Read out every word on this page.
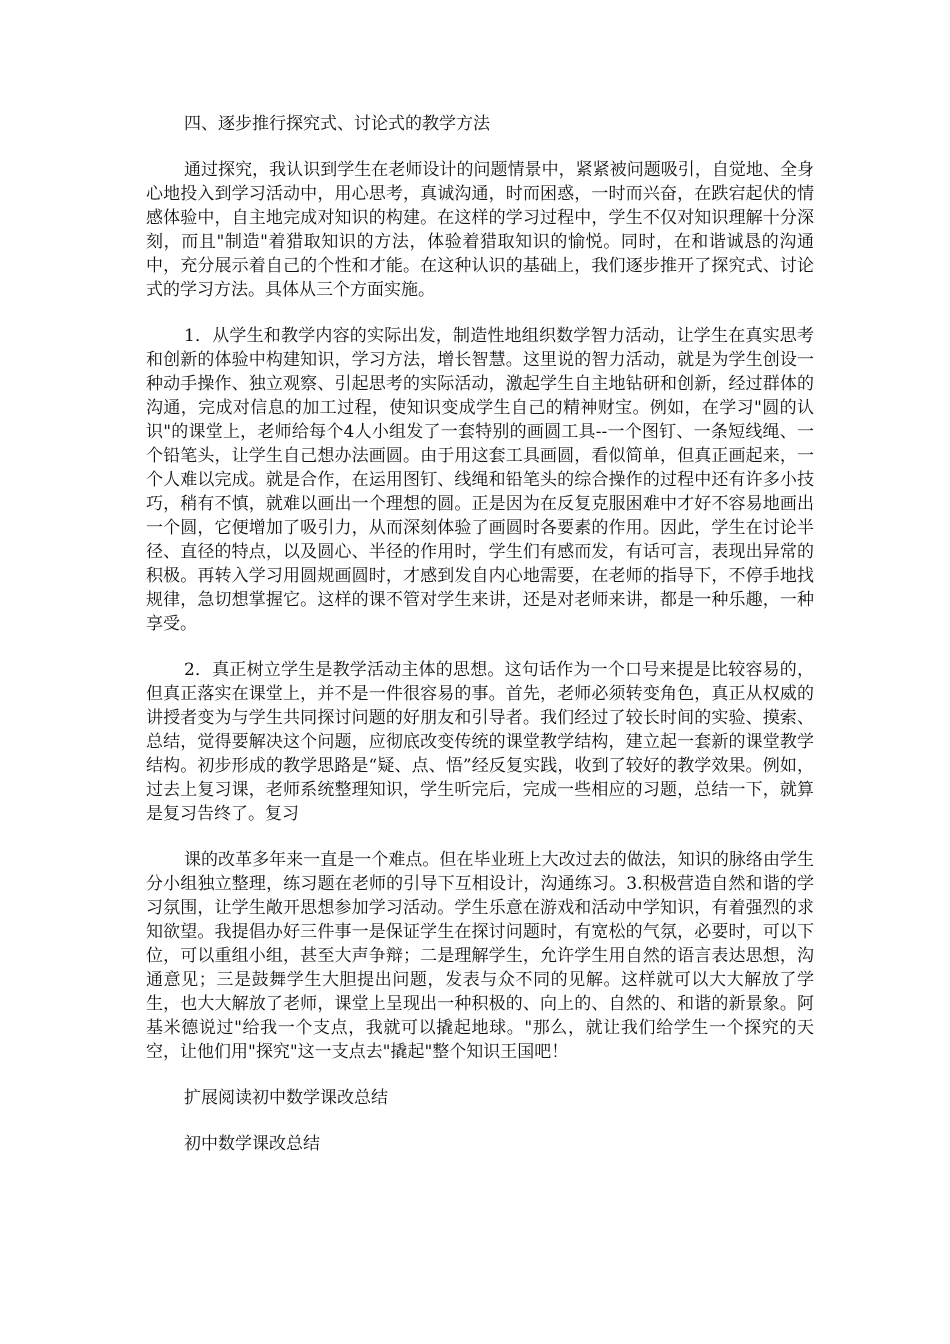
四、逐步推行探究式、讨论式的教学方法

通过探究，我认识到学生在老师设计的问题情景中，紧紧被问题吸引，自觉地、全身心地投入到学习活动中，用心思考，真诚沟通，时而困惑，一时而兴奋，在跌宕起伏的情感体验中，自主地完成对知识的构建。在这样的学习过程中，学生不仅对知识理解十分深刻，而且"制造"着猎取知识的方法，体验着猎取知识的愉悦。同时，在和谐诚恳的沟通中，充分展示着自己的个性和才能。在这种认识的基础上，我们逐步推开了探究式、讨论式的学习方法。具体从三个方面实施。

1．从学生和教学内容的实际出发，制造性地组织数学智力活动，让学生在真实思考和创新的体验中构建知识，学习方法，增长智慧。这里说的智力活动，就是为学生创设一种动手操作、独立观察、引起思考的实际活动，激起学生自主地钻研和创新，经过群体的沟通，完成对信息的加工过程，使知识变成学生自己的精神财宝。例如，在学习"圆的认识"的课堂上，老师给每个4人小组发了一套特别的画圆工具--一个图钉、一条短线绳、一个铅笔头，让学生自己想办法画圆。由于用这套工具画圆，看似简单，但真正画起来，一个人难以完成。就是合作，在运用图钉、线绳和铅笔头的综合操作的过程中还有许多小技巧，稍有不慎，就难以画出一个理想的圆。正是因为在反复克服困难中才好不容易地画出一个圆，它便增加了吸引力，从而深刻体验了画圆时各要素的作用。因此，学生在讨论半径、直径的特点，以及圆心、半径的作用时，学生们有感而发，有话可言，表现出异常的积极。再转入学习用圆规画圆时，才感到发自内心地需要，在老师的指导下，不停手地找规律，急切想掌握它。这样的课不管对学生来讲，还是对老师来讲，都是一种乐趣，一种享受。

2．真正树立学生是教学活动主体的思想。这句话作为一个口号来提是比较容易的，但真正落实在课堂上，并不是一件很容易的事。首先，老师必须转变角色，真正从权威的讲授者变为与学生共同探讨问题的好朋友和引导者。我们经过了较长时间的实验、摸索、总结，觉得要解决这个问题，应彻底改变传统的课堂教学结构，建立起一套新的课堂教学结构。初步形成的教学思路是“疑、点、悟”经反复实践，收到了较好的教学效果。例如，过去上复习课，老师系统整理知识，学生听完后，完成一些相应的习题，总结一下，就算是复习告终了。复习

课的改革多年来一直是一个难点。但在毕业班上大改过去的做法，知识的脉络由学生分小组独立整理，练习题在老师的引导下互相设计，沟通练习。3.积极营造自然和谐的学习氛围，让学生敞开思想参加学习活动。学生乐意在游戏和活动中学知识，有着强烈的求知欲望。我提倡办好三件事一是保证学生在探讨问题时，有宽松的气氛，必要时，可以下位，可以重组小组，甚至大声争辩；二是理解学生，允许学生用自然的语言表达思想，沟通意见；三是鼓舞学生大胆提出问题，发表与众不同的见解。这样就可以大大解放了学生，也大大解放了老师，课堂上呈现出一种积极的、向上的、自然的、和谐的新景象。阿基米德说过"给我一个支点，我就可以撬起地球。"那么，就让我们给学生一个探究的天空，让他们用"探究"这一支点去"撬起"整个知识王国吧！

扩展阅读初中数学课改总结

初中数学课改总结
